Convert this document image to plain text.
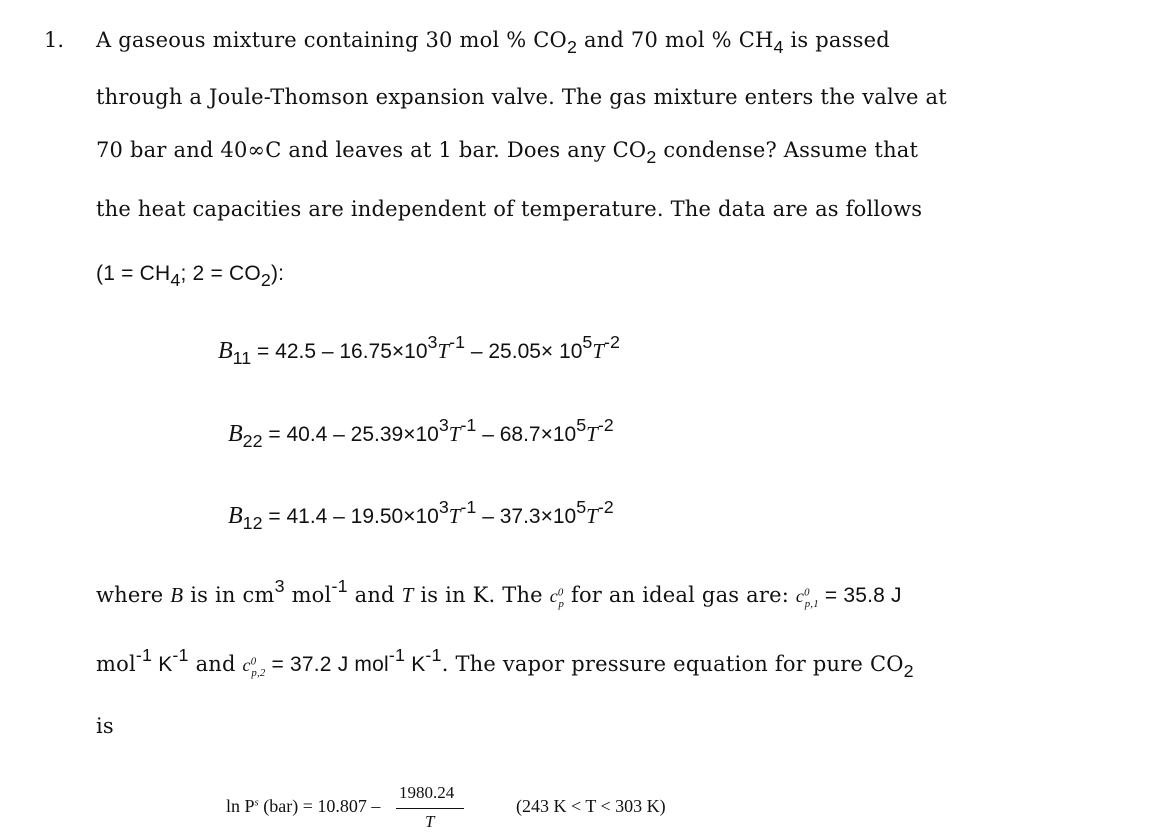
1. A gaseous mixture containing 30 mol % $CO_2$ and 70 mol % $CH_4$ is passed
through a Joule-Thomson expansion valve. The gas mixture enters the valve at
70 bar and 40∞C and leaves at 1 bar. Does any $CO_2$ condense? Assume that
the heat capacities are independent of temperature. The data are as follows
($1 = CH_4$; $2 = CO_2$):
$B_{11} = 42.5 - 16.75\times 10^3T^{-1} - 25.05\times 10^5T^{-2}$
$B_{22} = 40.4 - 25.39\times 10^3T^{-1} - 68.7\times 10^5T^{-2}$
$B_{12} = 41.4 - 19.50\times 10^3T^{-1} - 37.3\times 10^5T^{-2}$
where B is in $cm^3$ mol$^{-1}$ and T is in K. The $c^0_p$ for an ideal gas are: $c^0_{p,1} = 35.8$ J
mol$^{-1}$ $K^{-1}$ and $c^0_{p,2} = 37.2$ J mol$^{-1}$ $K^{-1}$. The vapor pressure equation for pure $CO_2$
is
$\ln P^s$ (bar) = 10.807 –
1980.24
T
(243 K < T < 303 K)
